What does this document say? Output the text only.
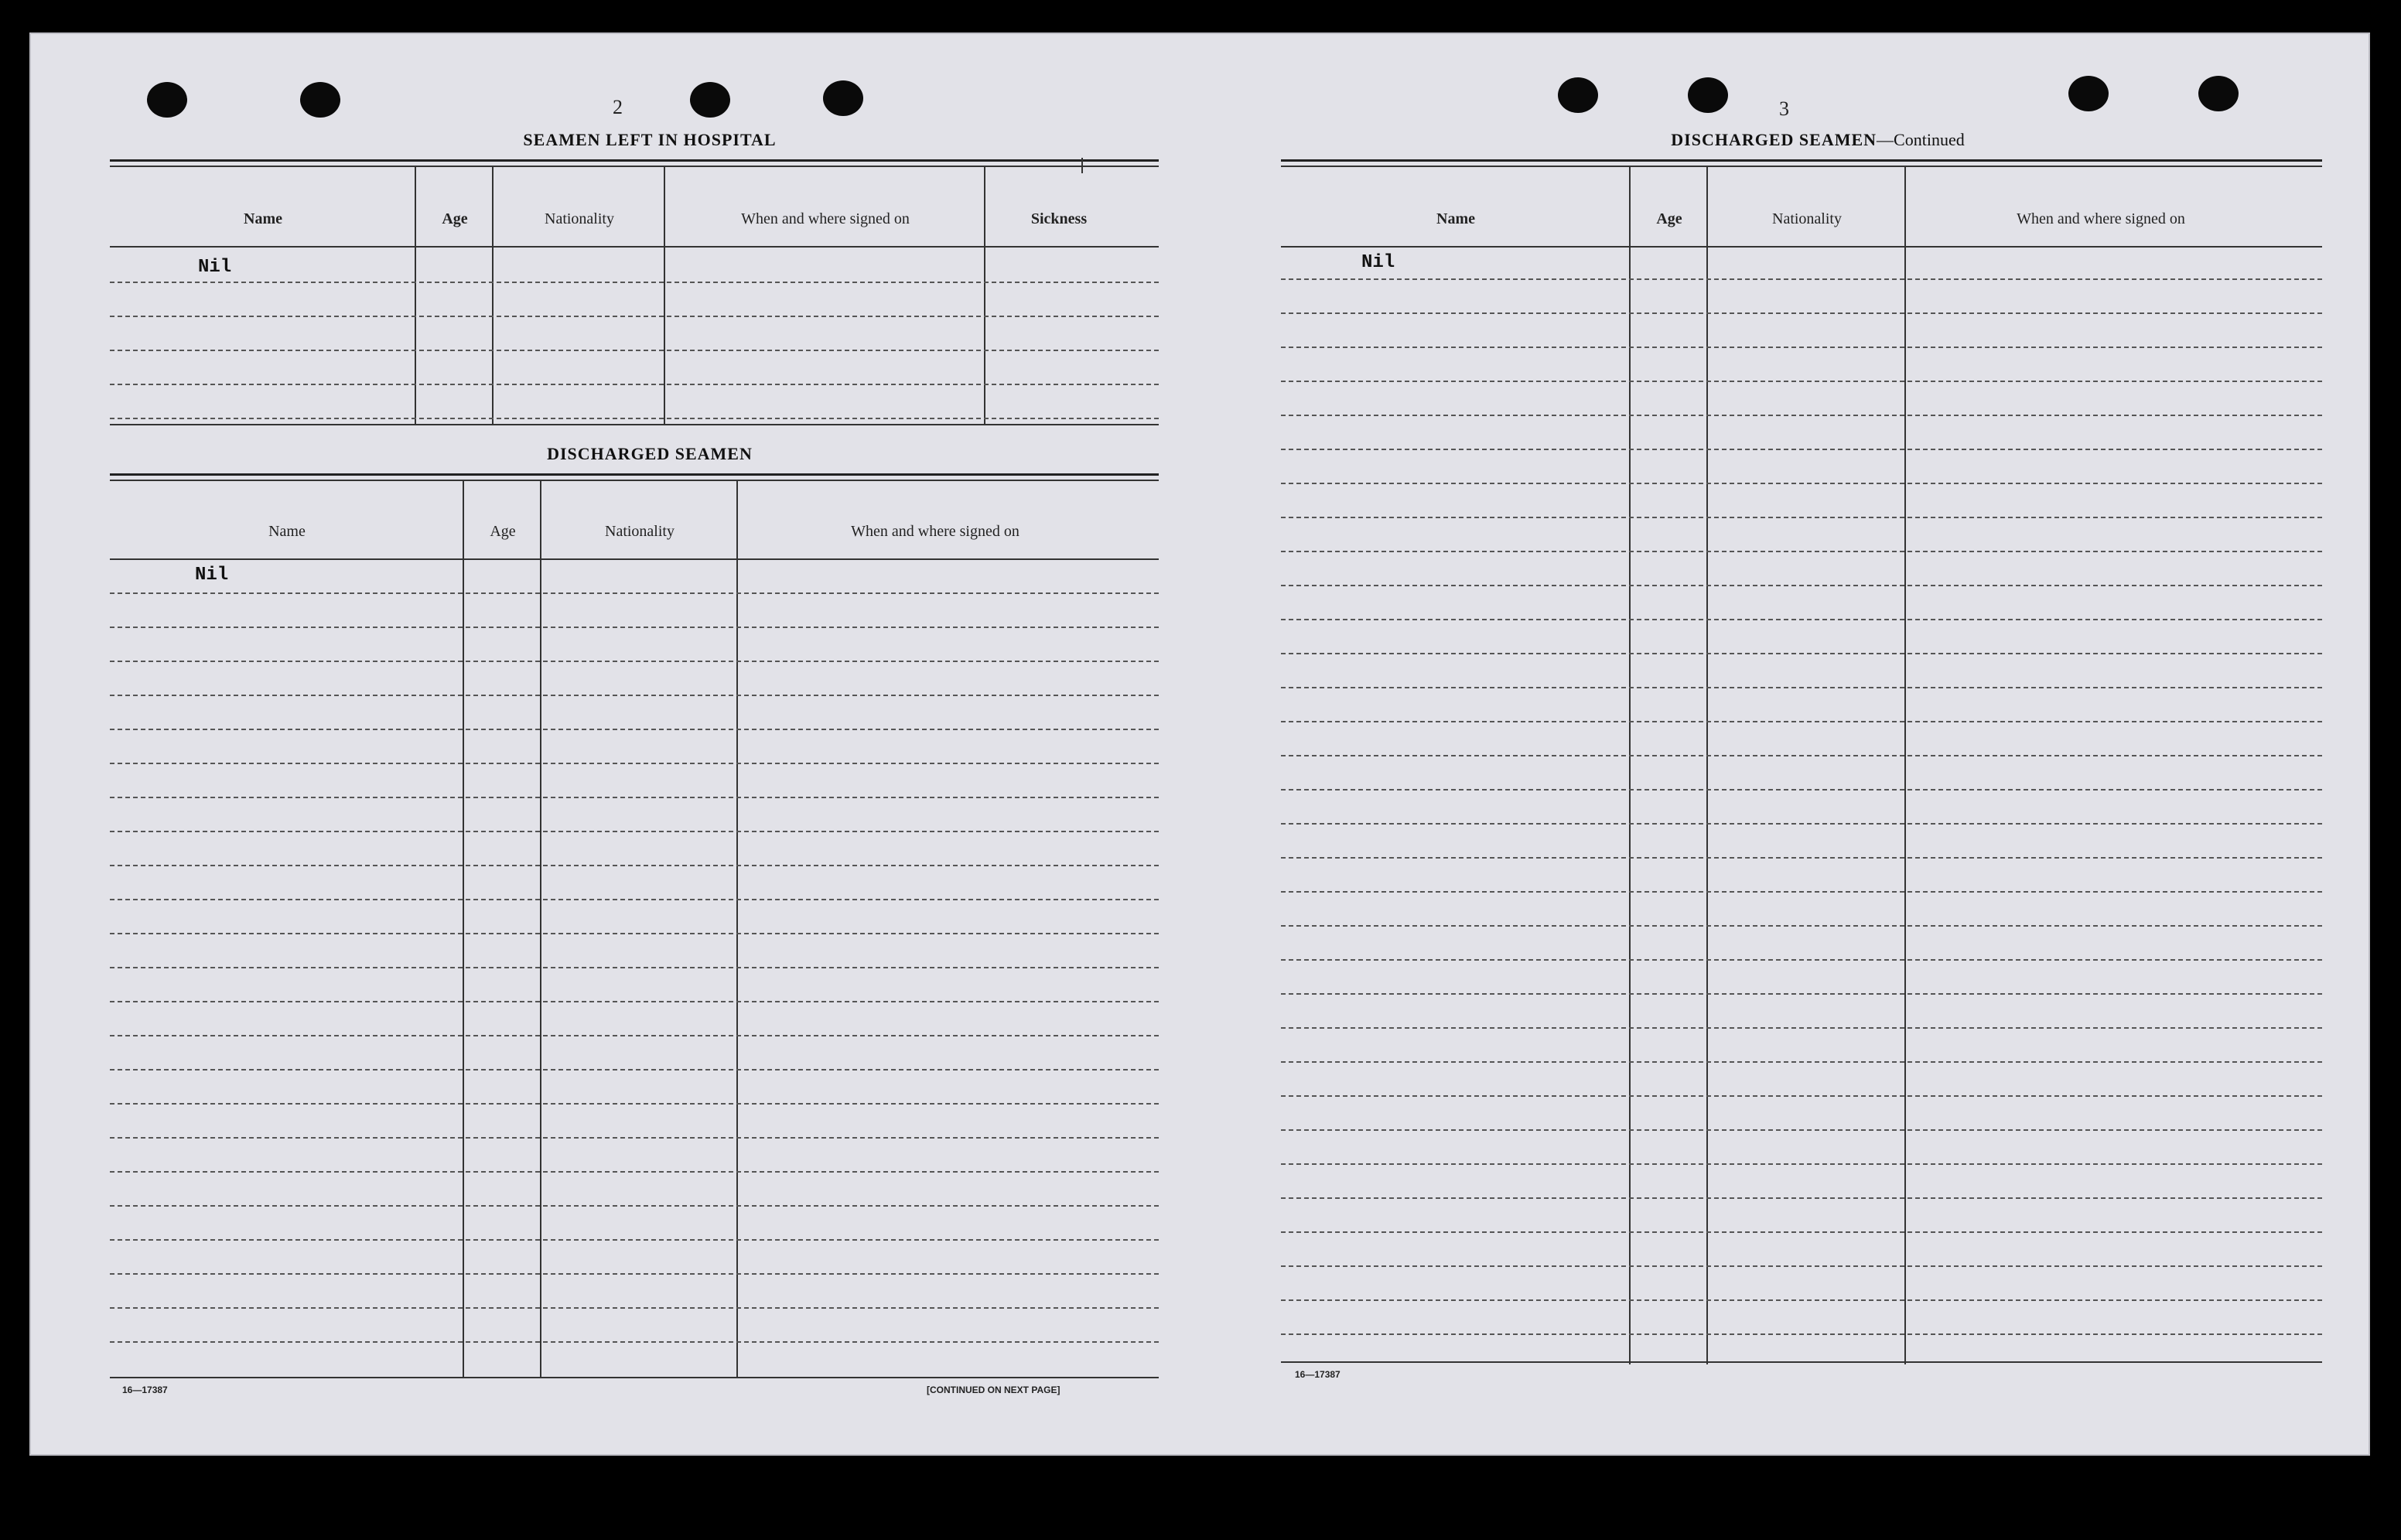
2
SEAMEN LEFT IN HOSPITAL
Name	Age	Nationality	When and where signed on	Sickness
Nil
DISCHARGED SEAMEN
Name	Age	Nationality	When and where signed on
Nil
16—17387	[CONTINUED ON NEXT PAGE]
3
DISCHARGED SEAMEN—Continued
Name	Age	Nationality	When and where signed on
Nil
16—17387
